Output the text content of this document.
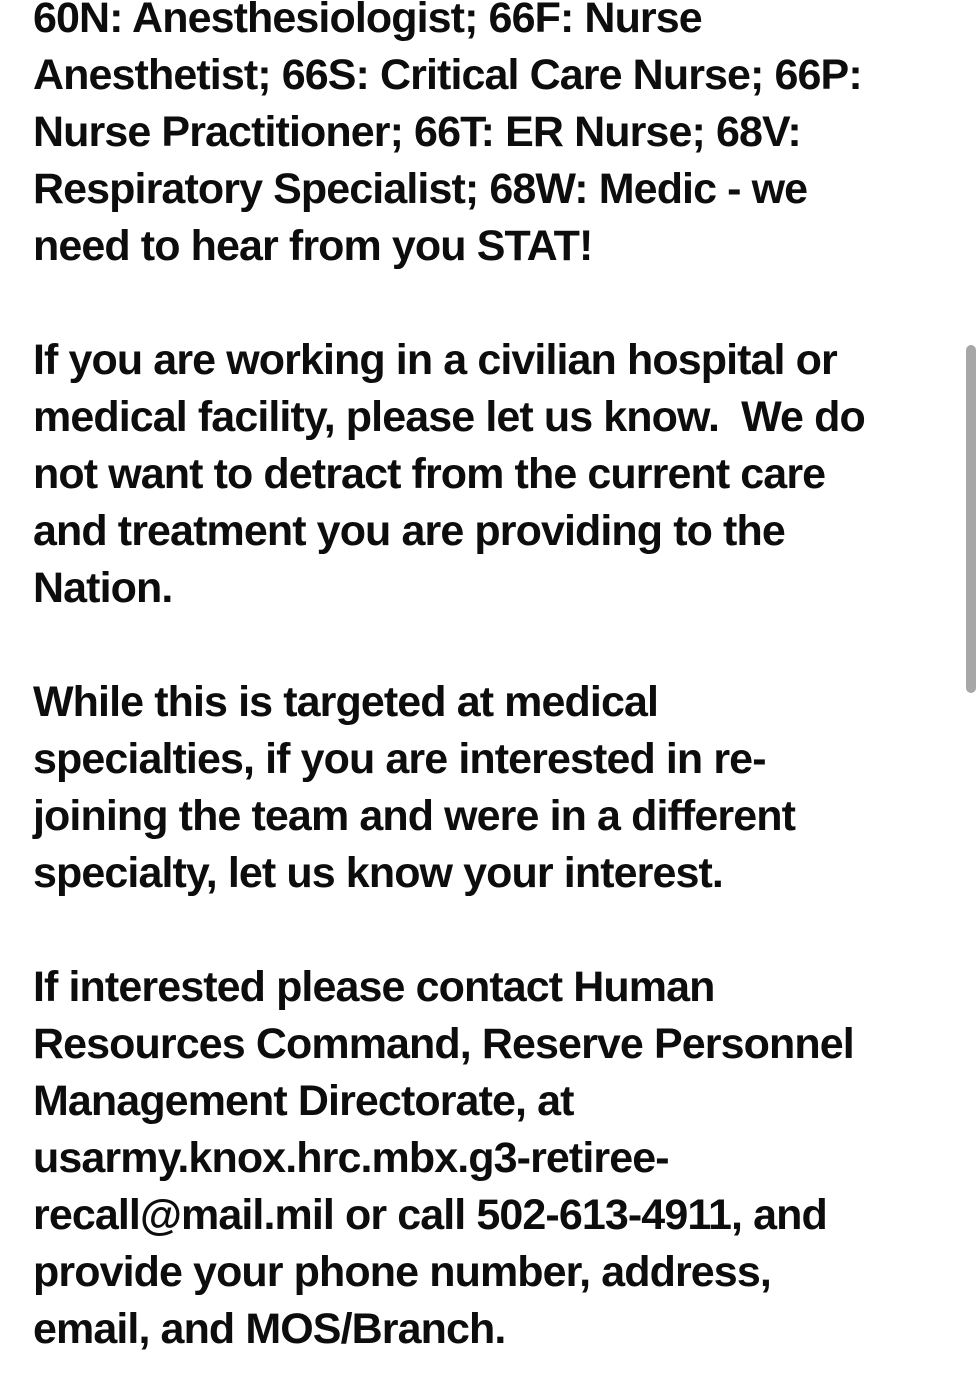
60N: Anesthesiologist; 66F: Nurse
Anesthetist; 66S: Critical Care Nurse; 66P:
Nurse Practitioner; 66T: ER Nurse; 68V:
Respiratory Specialist; 68W: Medic - we
need to hear from you STAT!
If you are working in a civilian hospital or
medical facility, please let us know.  We do
not want to detract from the current care
and treatment you are providing to the
Nation.
While this is targeted at medical
specialties, if you are interested in re-
joining the team and were in a different
specialty, let us know your interest.
If interested please contact Human
Resources Command, Reserve Personnel
Management Directorate, at
usarmy.knox.hrc.mbx.g3-retiree-
recall@mail.mil or call 502-613-4911, and
provide your phone number, address,
email, and MOS/Branch.
